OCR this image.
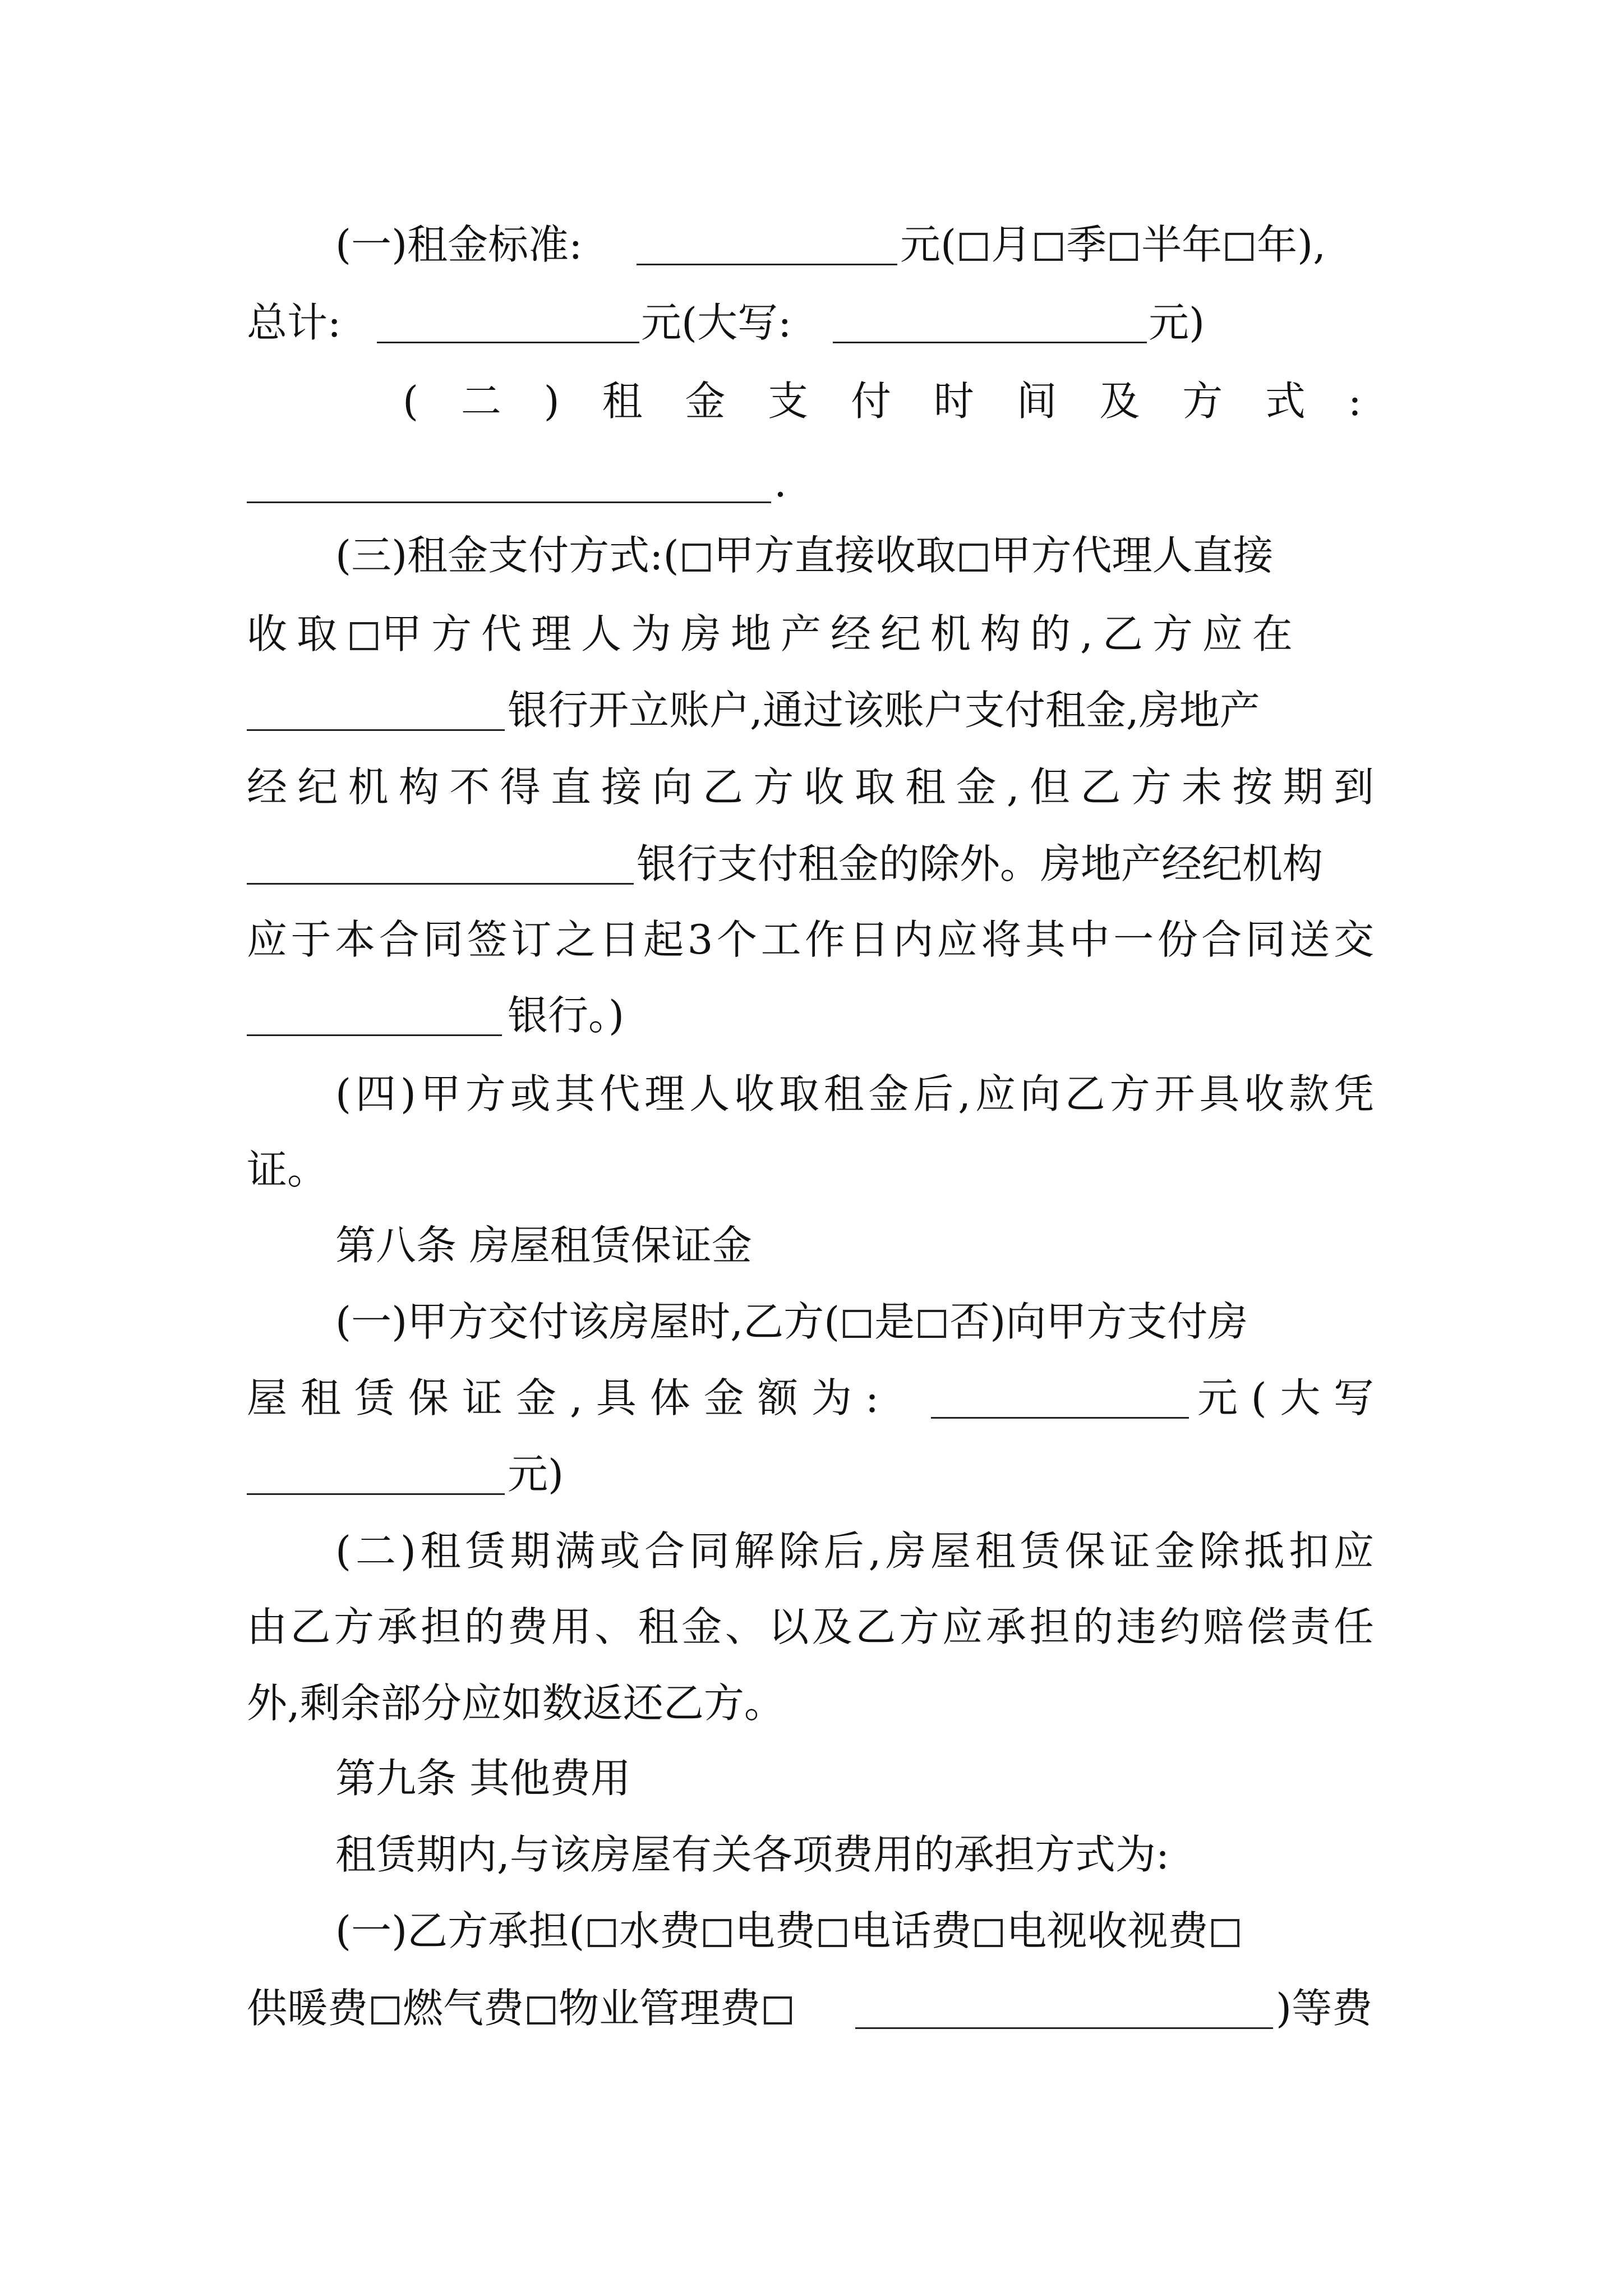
(一)租金标准:	元( 月 季 半年 年),
总计:	元(大写:	元)
(二)租金支付时间及方式:
.
(三)租金支付方式:( 甲方直接收取 甲方代理人直接
收取 甲方代理人为房地产经纪机构的,乙方应在
银行开立账户,通过该账户支付租金,房地产
经纪机构不得直接向乙方收取租金,但乙方未按期到
银行支付租金的除外。房地产经纪机构
应于本合同签订之日起3个工作日内应将其中一份合同送交
银行。)
(四)甲方或其代理人收取租金后,应向乙方开具收款凭
证。
第八条 房屋租赁保证金
(一)甲方交付该房屋时,乙方( 是 否)向甲方支付房
屋租赁保证金,具体金额为:	元(大写
元)
(二)租赁期满或合同解除后,房屋租赁保证金除抵扣应
由乙方承担的费用、租金、以及乙方应承担的违约赔偿责任
外,剩余部分应如数返还乙方。
第九条 其他费用
租赁期内,与该房屋有关各项费用的承担方式为:
(一)乙方承担( 水费 电费 电话费 电视收视费
供暖费 燃气费 物业管理费	)等费
